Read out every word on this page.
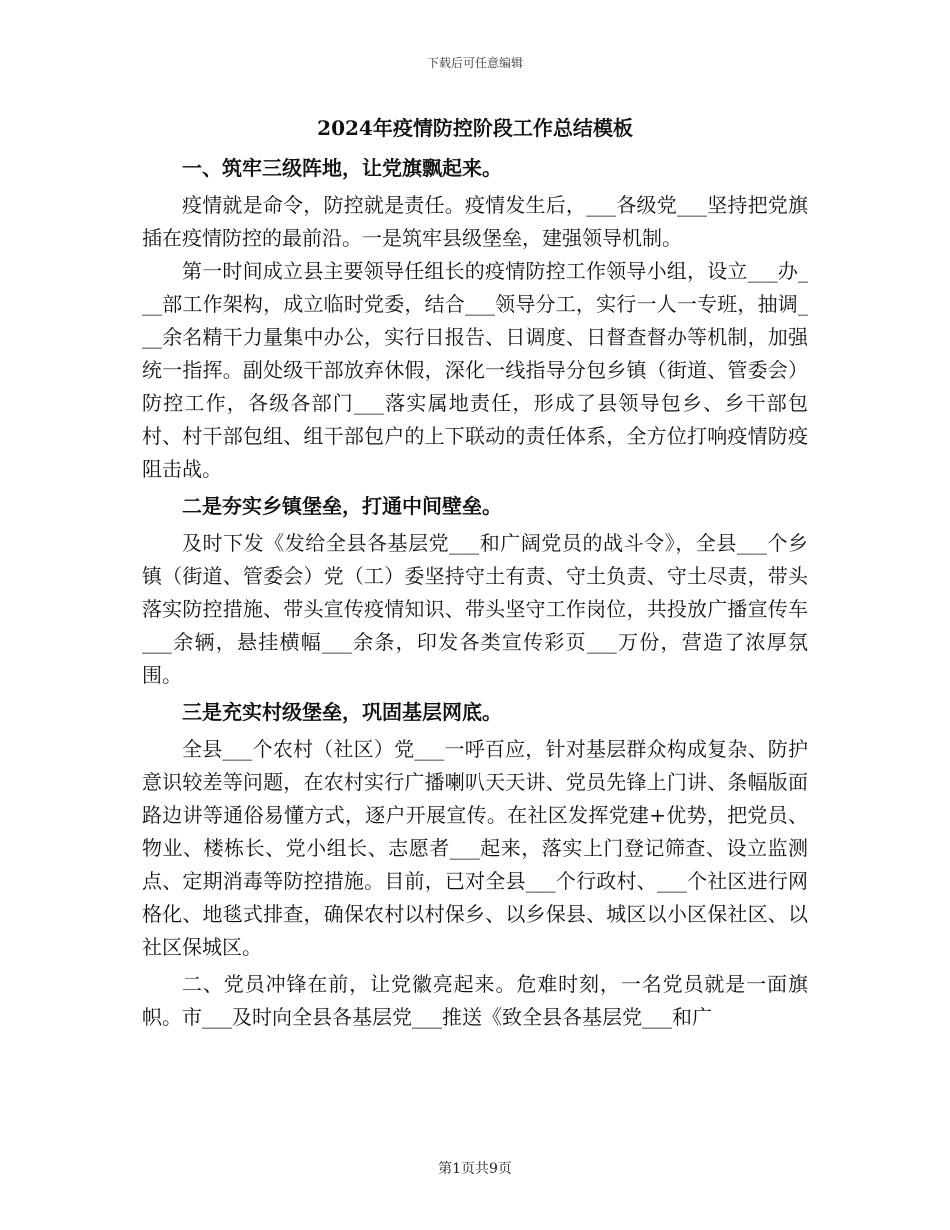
下载后可任意编辑
2024年疫情防控阶段工作总结模板

一、筑牢三级阵地，让党旗飘起来。

疫情就是命令，防控就是责任。疫情发生后，___各级党___坚持把党旗插在疫情防控的最前沿。一是筑牢县级堡垒，建强领导机制。

第一时间成立县主要领导任组长的疫情防控工作领导小组，设立___办___部工作架构，成立临时党委，结合___领导分工，实行一人一专班，抽调___余名精干力量集中办公，实行日报告、日调度、日督查督办等机制，加强统一指挥。副处级干部放弃休假，深化一线指导分包乡镇（街道、管委会）防控工作，各级各部门___落实属地责任，形成了县领导包乡、乡干部包村、村干部包组、组干部包户的上下联动的责任体系，全方位打响疫情防疫阻击战。

二是夯实乡镇堡垒，打通中间壁垒。

及时下发《发给全县各基层党___和广阔党员的战斗令》，全县___个乡镇（街道、管委会）党（工）委坚持守土有责、守土负责、守土尽责，带头落实防控措施、带头宣传疫情知识、带头坚守工作岗位，共投放广播宣传车___余辆，悬挂横幅___余条，印发各类宣传彩页___万份，营造了浓厚氛围。

三是充实村级堡垒，巩固基层网底。

全县___个农村（社区）党___一呼百应，针对基层群众构成复杂、防护意识较差等问题，在农村实行广播喇叭天天讲、党员先锋上门讲、条幅版面路边讲等通俗易懂方式，逐户开展宣传。在社区发挥党建+优势，把党员、物业、楼栋长、党小组长、志愿者___起来，落实上门登记筛查、设立监测点、定期消毒等防控措施。目前，已对全县___个行政村、___个社区进行网格化、地毯式排查，确保农村以村保乡、以乡保县、城区以小区保社区、以社区保城区。

二、党员冲锋在前，让党徽亮起来。危难时刻，一名党员就是一面旗帜。市___及时向全县各基层党___推送《致全县各基层党___和广

第1页共9页
